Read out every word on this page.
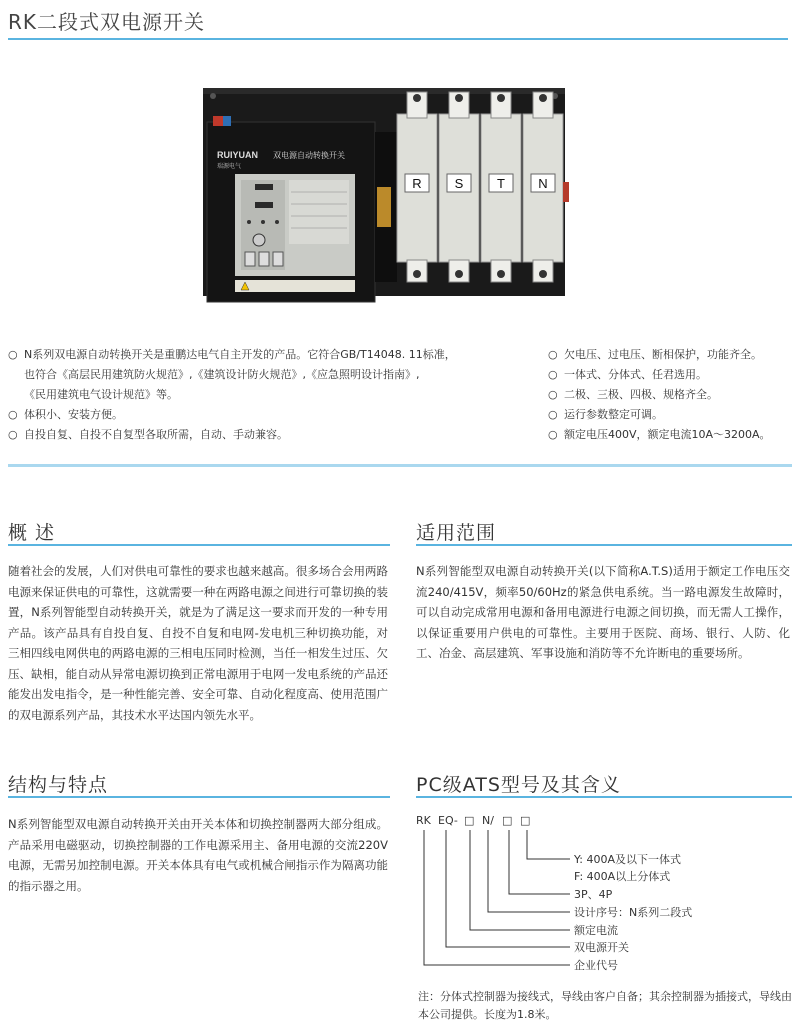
RK二段式双电源开关
RUIYUAN
瑞源电气
双电源自动转换开关
R	S	T	N
○ N系列双电源自动转换开关是重鹏达电气自主开发的产品。它符合GB/T14048. 11标准，
也符合《高层民用建筑防火规范》,《建筑设计防火规范》,《应急照明设计指南》,
《民用建筑电气设计规范》等。
○ 体积小、安装方便。
○ 自投自复、自投不自复型各取所需，自动、手动兼容。
○ 欠电压、过电压、断相保护，功能齐全。
○ 一体式、分体式、任君选用。
○ 二极、三极、四极、规格齐全。
○ 运行参数整定可调。
○ 额定电压400V，额定电流10A～3200A。
概 述
随着社会的发展，人们对供电可靠性的要求也越来越高。很多场合会用两路电源来保证供电的可靠性，这就需要一种在两路电源之间进行可靠切换的装置，N系列智能型自动转换开关，就是为了满足这一要求而开发的一种专用产品。该产品具有自投自复、自投不自复和电网-发电机三种切换功能，对三相四线电网供电的两路电源的三相电压同时检测，当任一相发生过压、欠压、缺相，能自动从异常电源切换到正常电源用于电网一发电系统的产品还能发出发电指令，是一种性能完善、安全可靠、自动化程度高、使用范围广的双电源系列产品，其技术水平达国内领先水平。
适用范围
N系列智能型双电源自动转换开关(以下简称A.T.S)适用于额定工作电压交流240/415V，频率50/60Hz的紧急供电系统。当一路电源发生故障时，可以自动完成常用电源和备用电源进行电源之间切换，而无需人工操作，以保证重要用户供电的可靠性。主要用于医院、商场、银行、人防、化工、冶金、高层建筑、军事设施和消防等不允许断电的重要场所。
结构与特点
N系列智能型双电源自动转换开关由开关本体和切换控制器两大部分组成。产品采用电磁驱动，切换控制器的工作电源采用主、备用电源的交流220V电源，无需另加控制电源。开关本体具有电气或机械合闸指示作为隔离功能的指示器之用。
PC级ATS型号及其含义
RK EQ- □ N/ □ □
Y: 400A及以下一体式
F: 400A以上分体式
3P、4P
设计序号：N系列二段式
额定电流
双电源开关
企业代号
注：分体式控制器为接线式，导线由客户自备；其余控制器为插接式，导线由本公司提供。长度为1.8米。
